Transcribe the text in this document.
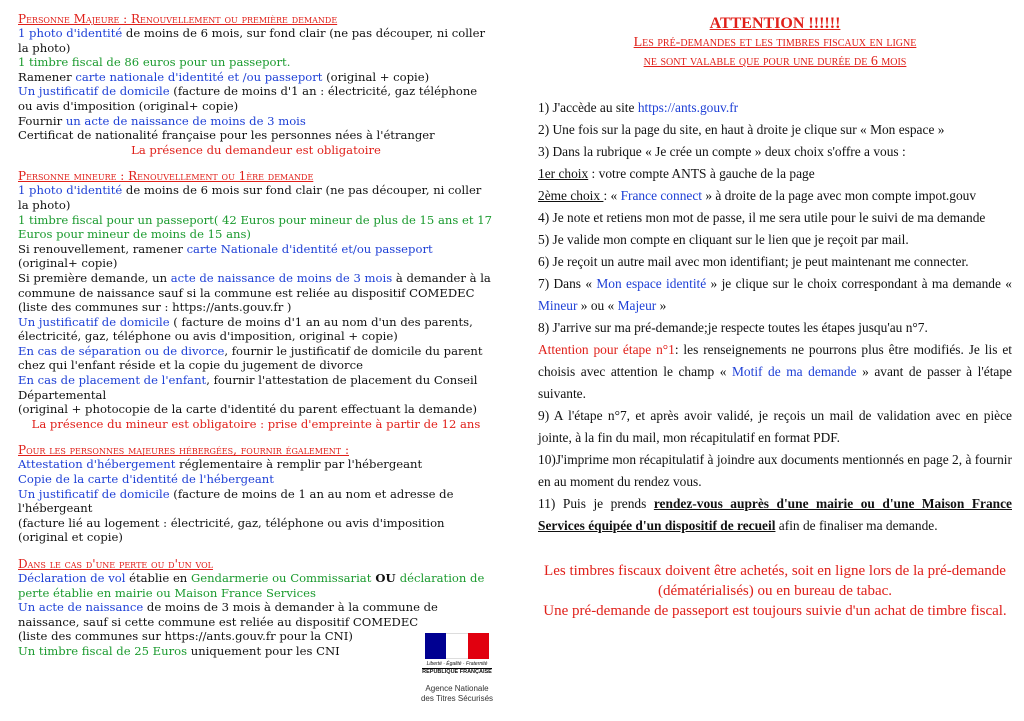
Personne Majeure : Renouvellement ou première demande

1 photo d'identité de moins de 6 mois, sur fond clair (ne pas découper, ni coller la photo)

1 timbre fiscal de 86 euros pour un passeport.

Ramener carte nationale d'identité et /ou passeport (original + copie)

Un justificatif de domicile (facture de moins d'1 an : électricité, gaz téléphone ou avis d'imposition (original+ copie)

Fournir un acte de naissance de moins de 3 mois

Certificat de nationalité française pour les personnes nées à l'étranger

La présence du demandeur est obligatoire

Personne mineure : Renouvellement ou 1ère demande

1 photo d'identité de moins de 6 mois sur fond clair (ne pas découper, ni coller la photo)

1 timbre fiscal pour un passeport( 42 Euros pour mineur de plus de 15 ans et 17 Euros pour mineur de moins de 15 ans)

Si renouvellement, ramener carte Nationale d'identité et/ou passeport (original+ copie)

Si première demande, un acte de naissance de moins de 3 mois à demander à la commune de naissance sauf si la commune est reliée au dispositif COMEDEC (liste des communes sur : https://ants.gouv.fr )

Un justificatif de domicile ( facture de moins d'1 an au nom d'un des parents, électricité, gaz, téléphone ou avis d'imposition, original + copie)

En cas de séparation ou de divorce, fournir le justificatif de domicile du parent chez qui l'enfant réside et la copie du jugement de divorce

En cas de placement de l'enfant, fournir l'attestation de placement du Conseil Départemental

(original + photocopie de la carte d'identité du parent effectuant la demande)

La présence du mineur est obligatoire : prise d'empreinte à partir de 12 ans

Pour les personnes majeures hébergées, fournir également :

Attestation d'hébergement réglementaire à remplir par l'hébergeant

Copie de la carte d'identité de l'hébergeant

Un justificatif de domicile (facture de moins de 1 an au nom et adresse de l'hébergeant

(facture lié au logement : électricité, gaz, téléphone ou avis d'imposition (original et copie)

Dans le cas d'une perte ou d'un vol

Déclaration de vol établie en Gendarmerie ou Commissariat OU déclaration de perte établie en mairie ou Maison France Services

Un acte de naissance de moins de 3 mois à demander à la commune de naissance, sauf si cette commune est reliée au dispositif COMEDEC

(liste des communes sur https://ants.gouv.fr pour la CNI)

Un timbre fiscal de 25 Euros uniquement pour les CNI

Liberté · Égalité · Fraternité
RÉPUBLIQUE FRANÇAISE
Agence Nationale
des Titres Sécurisés

ATTENTION !!!!!!

Les pré-demandes et les timbres fiscaux en ligne

ne sont valable que pour une durée de 6 mois

1) J'accède au site https://ants.gouv.fr

2) Une fois sur la page du site, en haut à droite je clique sur « Mon espace »

3) Dans la rubrique « Je crée un compte » deux choix s'offre a vous :

1er choix : votre compte ANTS à gauche de la page

2ème choix : « France connect » à droite de la page avec mon compte impot.gouv

4) Je note et retiens mon mot de passe, il me sera utile pour le suivi de ma demande

5) Je valide mon compte en cliquant sur le lien que je reçoit par mail.

6) Je reçoit un autre mail avec mon identifiant; je peut maintenant me connecter.

7) Dans « Mon espace identité » je clique sur le choix correspondant à ma demande « Mineur » ou « Majeur »

8) J'arrive sur ma pré-demande;je respecte toutes les étapes jusqu'au n°7.

Attention pour étape n°1: les renseignements ne pourrons plus être modifiés. Je lis et choisis avec attention le champ « Motif de ma demande » avant de passer à l'étape suivante.

9) A l'étape n°7, et après avoir validé, je reçois un mail de validation avec en pièce jointe, à la fin du mail, mon récapitulatif en format PDF.

10)J'imprime mon récapitulatif à joindre aux documents mentionnés en page 2, à fournir en au moment du rendez vous.

11) Puis je prends rendez-vous auprès d'une mairie ou d'une Maison France Services équipée d'un dispositif de recueil afin de finaliser ma demande.

Les timbres fiscaux doivent être achetés, soit en ligne lors de la pré-demande (dématérialisés) ou en bureau de tabac.
Une pré-demande de passeport est toujours suivie d'un achat de timbre fiscal.
